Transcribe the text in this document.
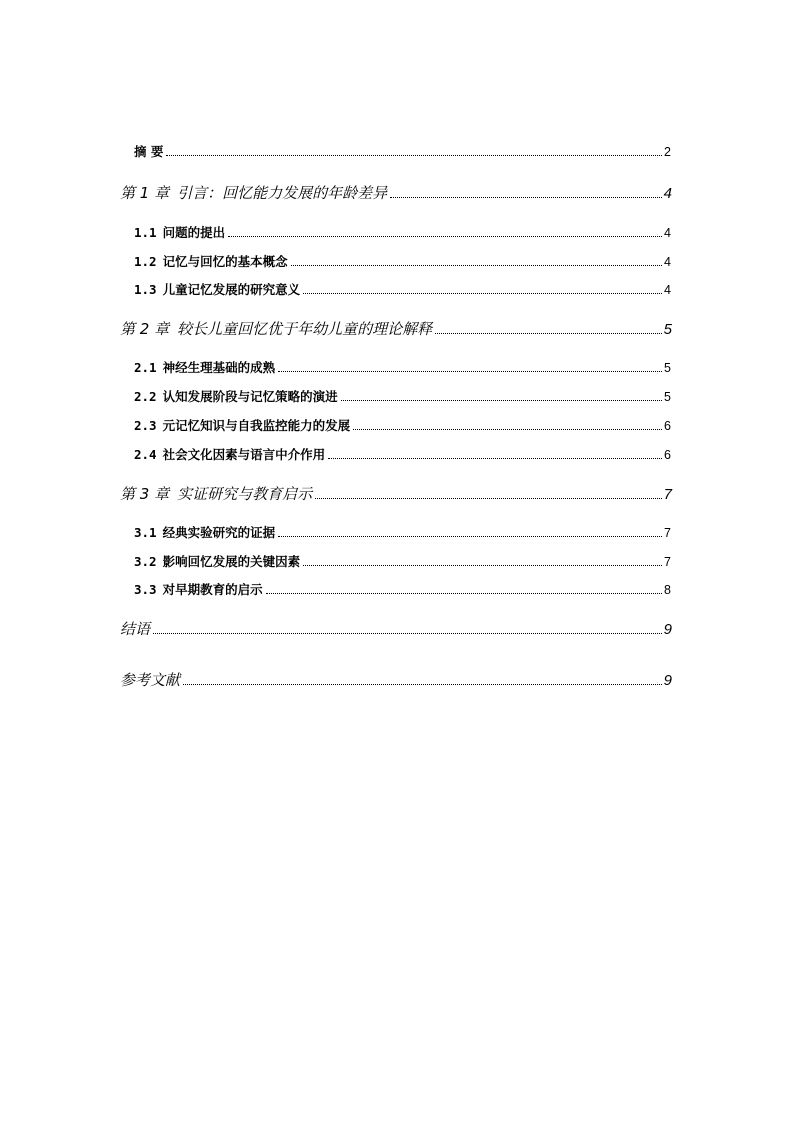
摘 要	2
第 1 章 引言：回忆能力发展的年龄差异	4
1.1 问题的提出	4
1.2 记忆与回忆的基本概念	4
1.3 儿童记忆发展的研究意义	4
第 2 章 较长儿童回忆优于年幼儿童的理论解释	5
2.1 神经生理基础的成熟	5
2.2 认知发展阶段与记忆策略的演进	5
2.3 元记忆知识与自我监控能力的发展	6
2.4 社会文化因素与语言中介作用	6
第 3 章 实证研究与教育启示	7
3.1 经典实验研究的证据	7
3.2 影响回忆发展的关键因素	7
3.3 对早期教育的启示	8
结语	9
参考文献	9
